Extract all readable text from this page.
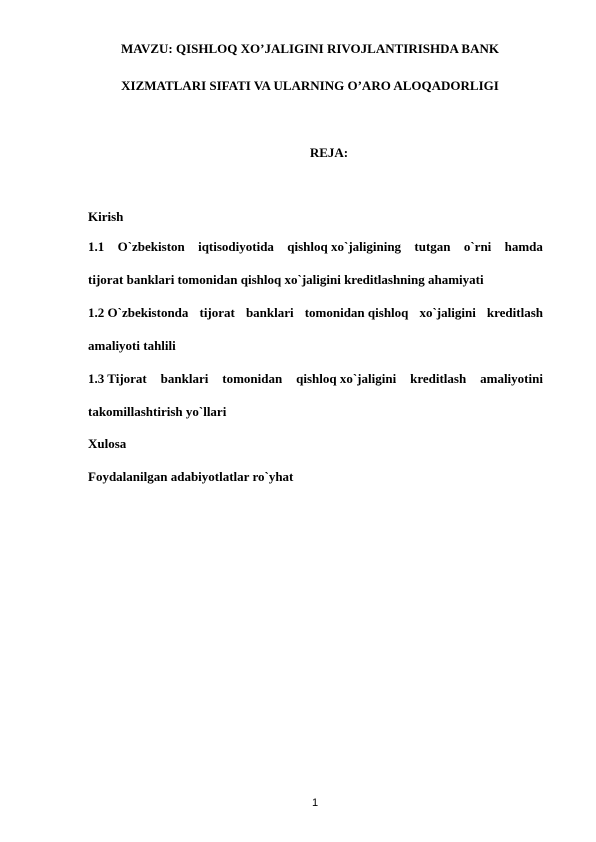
MAVZU: QISHLOQ XO’JALIGINI RIVOJLANTIRISHDA BANK
XIZMATLARI SIFATI VA ULARNING O’ARO ALOQADORLIGI
REJA:
Kirish
1.1 O`zbekiston iqtisodiyotida qishloq xo`jaligining tutgan o`rni hamda
tijorat banklari tomonidan qishloq xo`jaligini kreditlashning ahamiyati
1.2 O`zbekistonda tijorat banklari tomonidan qishloq xo`jaligini kreditlash
amaliyoti tahlili
1.3 Tijorat banklari tomonidan qishloq xo`jaligini kreditlash amaliyotini
takomillashtirish yo`llari
Xulosa
Foydalanilgan adabiyotlatlar ro`yhat
1
